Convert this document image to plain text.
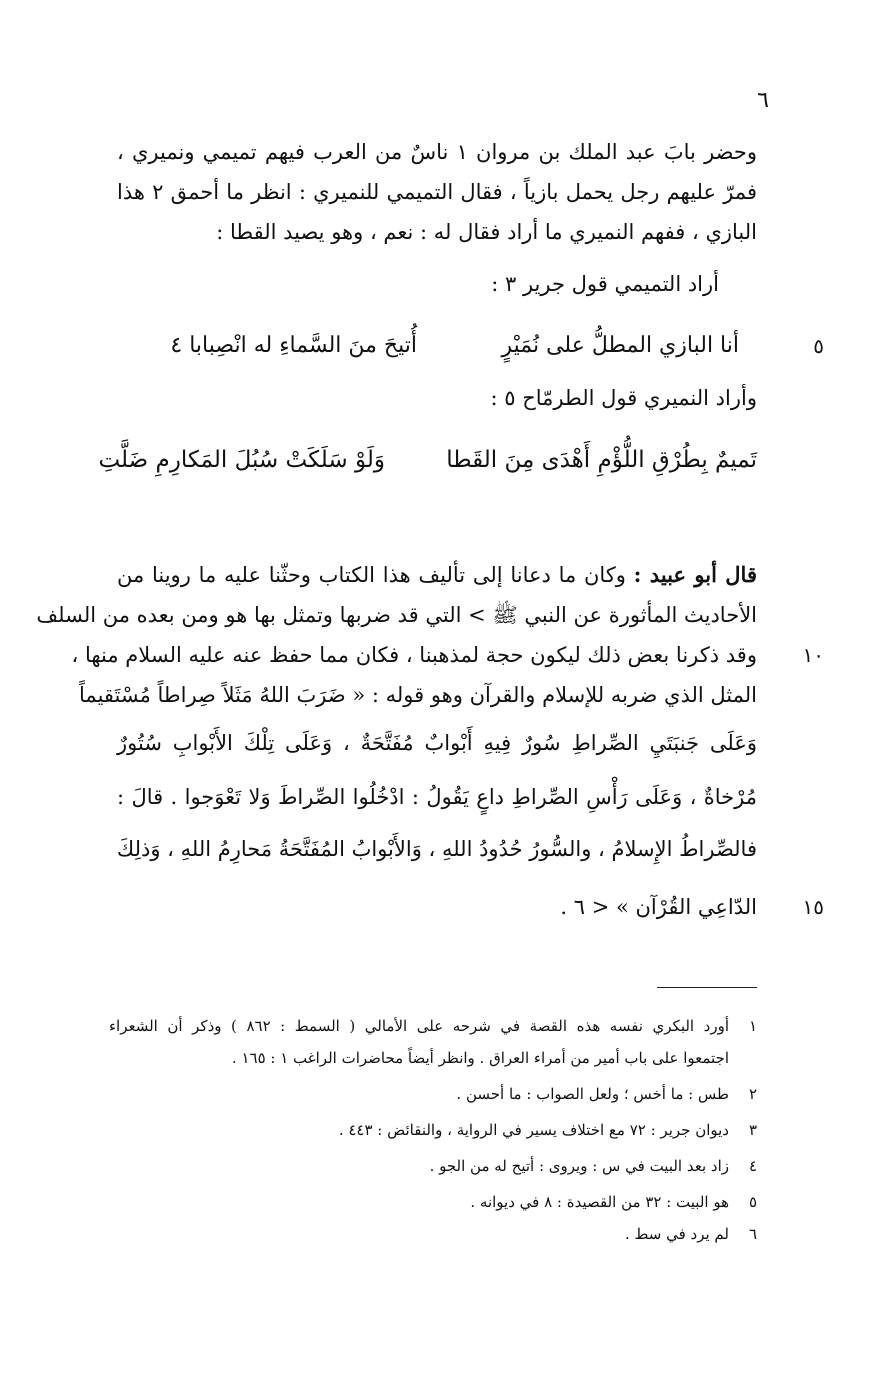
٦
وحضر بابَ عبد الملك بن مروان ١ ناسٌ من العرب فيهم تميمي ونميري ،
فمرّ عليهم رجل يحمل بازياً ، فقال التميمي للنميري : انظر ما أحمق ٢ هذا
البازي ، ففهم النميري ما أراد فقال له : نعم ، وهو يصيد القطا :
أراد التميمي قول جرير ٣ :
٥
أنا البازي المطلُّ على نُمَيْرٍ
أُتيحَ منَ السَّماءِ له انْصِبابا ٤
وأراد النميري قول الطرمّاح ٥ :
تَميمٌ بِطُرْقِ اللُّؤْمِ أَهْدَى مِنَ القَطا
وَلَوْ سَلَكَتْ سُبُلَ المَكارِمِ ضَلَّتِ
قال أبو عبيد : وكان ما دعانا إلى تأليف هذا الكتاب وحثّنا عليه ما روينا من
الأحاديث المأثورة عن النبي ﷺ > التي قد ضربها وتمثل بها هو ومن بعده من السلف
١٠
وقد ذكرنا بعض ذلك ليكون حجة لمذهبنا ، فكان مما حفظ عنه عليه السلام منها ،
المثل الذي ضربه للإسلام والقرآن وهو قوله : « ضَرَبَ اللهُ مَثَلاً صِراطاً مُسْتَقيماً
وَعَلَى جَنبَتَيِ الصِّراطِ سُورٌ فِيهِ أَبْوابٌ مُفَتَّحَةٌ ، وَعَلَى تِلْكَ الأَبْوابِ سُتُورٌ
مُرْخاةٌ ، وَعَلَى رَأْسِ الصِّراطِ داعٍ يَقُولُ : ادْخُلُوا الصِّراطَ وَلا تَعْوَجوا . قالَ :
فالصِّراطُ الإِسلامُ ، والسُّورُ حُدُودُ اللهِ ، وَالأَبْوابُ المُفَتَّحَةُ مَحارِمُ اللهِ ، وَذلِكَ
١٥
الدّاعِي القُرْآن » < ٦ .
١
أورد البكري نفسه هذه القصة في شرحه على الأمالي ( السمط : ٨٦٢ ) وذكر أن الشعراء
اجتمعوا على باب أمير من أمراء العراق . وانظر أيضاً محاضرات الراغب ١ : ١٦٥ .
٢
طس : ما أخس ؛ ولعل الصواب : ما أحسن .
٣
ديوان جرير : ٧٢ مع اختلاف يسير في الرواية ، والنقائض : ٤٤٣ .
٤
زاد بعد البيت في س : ويروى : أتيح له من الجو .
٥
هو البيت : ٣٢ من القصيدة : ٨ في ديوانه .
٦
لم يرد في سط .
